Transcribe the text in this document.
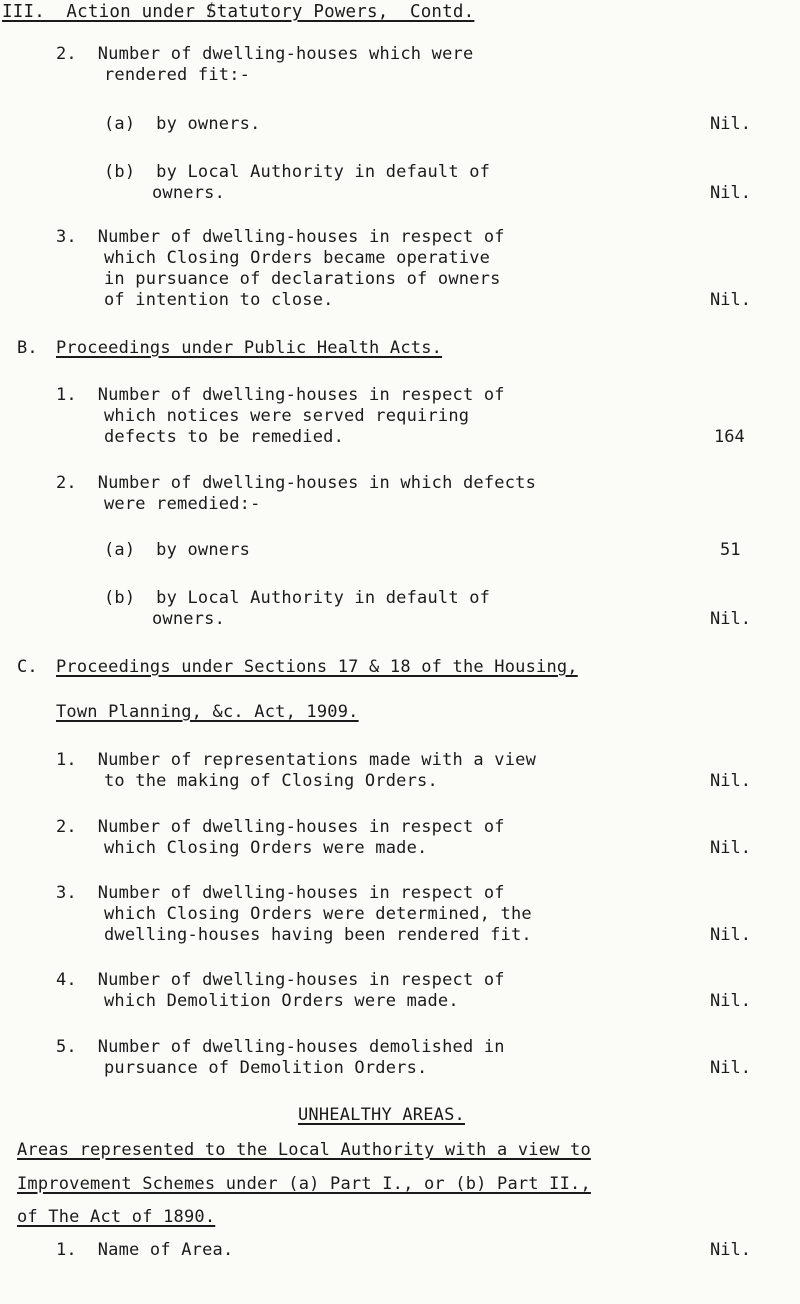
III.  Action under Statutory Powers,  Contd.
2.  Number of dwelling-houses which were
rendered fit:-
(a)  by owners.	Nil.
(b)  by Local Authority in default of
owners.	Nil.
3.  Number of dwelling-houses in respect of
which Closing Orders became operative
in pursuance of declarations of owners
of intention to close.	Nil.
B. Proceedings under Public Health Acts.
1.  Number of dwelling-houses in respect of
which notices were served requiring
defects to be remedied.	164
2.  Number of dwelling-houses in which defects
were remedied:-
(a)  by owners	51
(b)  by Local Authority in default of
owners.	Nil.
C. Proceedings under Sections 17 & 18 of the Housing,
Town Planning, &c. Act, 1909.
1.  Number of representations made with a view
to the making of Closing Orders.	Nil.
2.  Number of dwelling-houses in respect of
which Closing Orders were made.	Nil.
3.  Number of dwelling-houses in respect of
which Closing Orders were determined, the
dwelling-houses having been rendered fit.	Nil.
4.  Number of dwelling-houses in respect of
which Demolition Orders were made.	Nil.
5.  Number of dwelling-houses demolished in
pursuance of Demolition Orders.	Nil.
UNHEALTHY AREAS.
Areas represented to the Local Authority with a view to
Improvement Schemes under (a) Part I., or (b) Part II.,
of The Act of 1890.
1.  Name of Area.	Nil.
